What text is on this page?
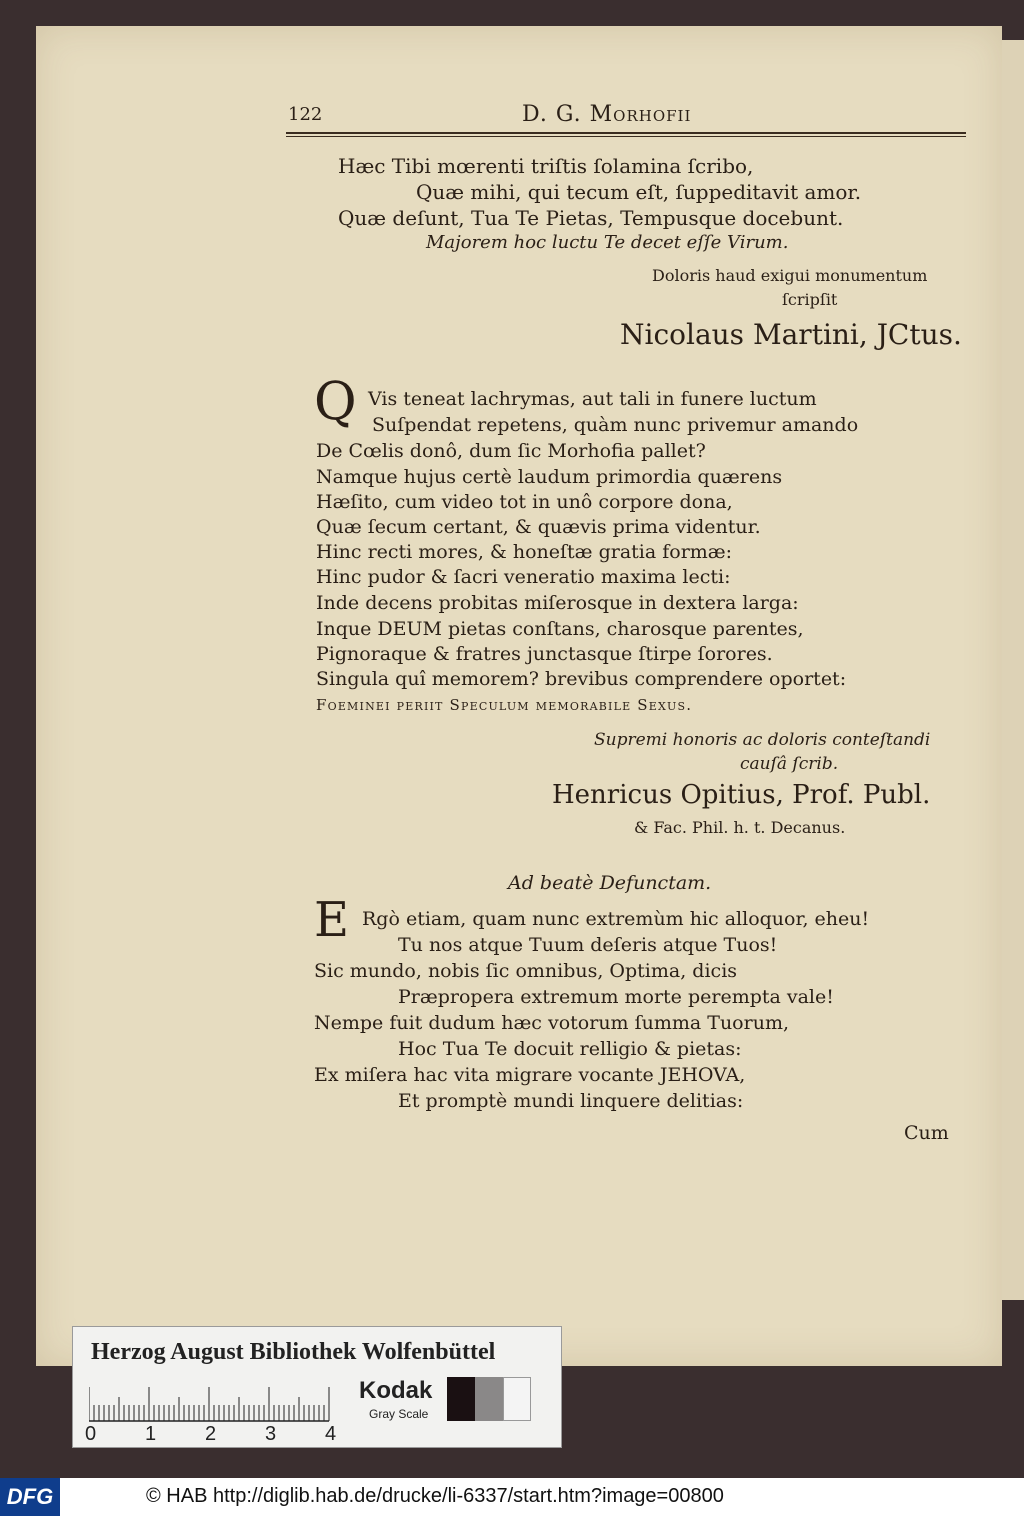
122	D. G. Morhofii
Hæc Tibi mœrenti triſtis ſolamina ſcribo,
Quæ mihi, qui tecum eſt, ſuppeditavit amor.
Quæ deſunt, Tua Te Pietas, Tempusque docebunt.
Majorem hoc luctu Te decet eſſe Virum.
Doloris haud exigui monumentum
ſcripſit
Nicolaus Martini, JCtus.
Q Vis teneat lachrymas, aut tali in funere luctum
Suſpendat repetens, quàm nunc privemur amando
De Cœlis donô, dum ſic Morhofia pallet?
Namque hujus certè laudum primordia quærens
Hæſito, cum video tot in unô corpore dona,
Quæ ſecum certant, & quævis prima videntur.
Hinc recti mores, & honeſtæ gratia formæ:
Hinc pudor & ſacri veneratio maxima lecti:
Inde decens probitas miſerosque in dextera larga:
Inque DEUM pietas conſtans, charosque parentes,
Pignoraque & fratres junctasque ſtirpe ſorores.
Singula quî memorem? brevibus comprendere oportet:
Foeminei periit Speculum memorabile Sexus.
Supremi honoris ac doloris conteſtandi
cauſâ ſcrib.
Henricus Opitius, Prof. Publ.
& Fac. Phil. h. t. Decanus.
Ad beatè Defunctam.
E Rgò etiam, quam nunc extremùm hic alloquor, eheu!
Tu nos atque Tuum deſeris atque Tuos!
Sic mundo, nobis ſic omnibus, Optima, dicis
Præpropera extremum morte perempta vale!
Nempe fuit dudum hæc votorum ſumma Tuorum,
Hoc Tua Te docuit relligio & pietas:
Ex miſera hac vita migrare vocante JEHOVA,
Et promptè mundi linquere delitias:
Cum
Herzog August Bibliothek Wolfenbüttel
0 1 2 3 4
Kodak
Gray Scale
DFG	© HAB http://diglib.hab.de/drucke/li-6337/start.htm?image=00800
